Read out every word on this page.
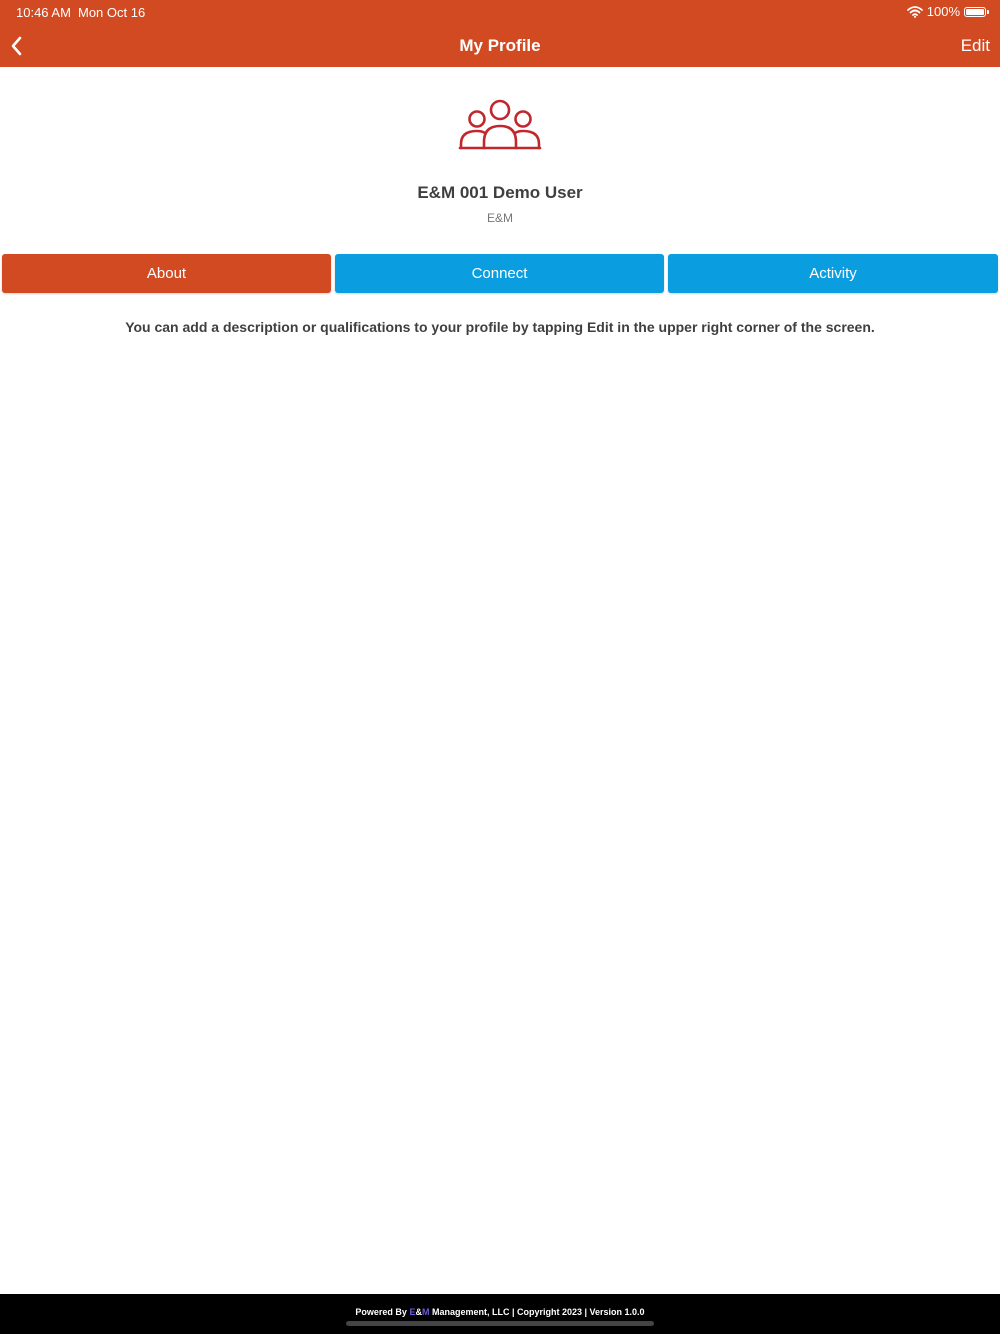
10:46 AM Mon Oct 16	100%
My Profile	Edit
E&M 001 Demo User
E&M
About	Connect	Activity
You can add a description or qualifications to your profile by tapping Edit in the upper right corner of the screen.
Powered By E&M Management, LLC | Copyright 2023 | Version 1.0.0
